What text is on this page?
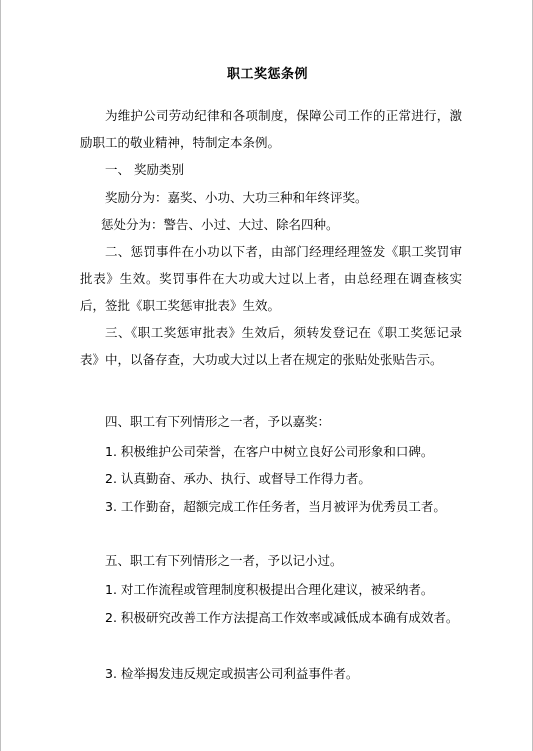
职工奖惩条例

为维护公司劳动纪律和各项制度，保障公司工作的正常进行，激励职工的敬业精神，特制定本条例。

一、 奖励类别

奖励分为：嘉奖、小功、大功三种和年终评奖。

惩处分为：警告、小过、大过、除名四种。

二、惩罚事件在小功以下者，由部门经理经理签发《职工奖罚审批表》生效。奖罚事件在大功或大过以上者，由总经理在调查核实后，签批《职工奖惩审批表》生效。

三、《职工奖惩审批表》生效后，须转发登记在《职工奖惩记录表》中，以备存查，大功或大过以上者在规定的张贴处张贴告示。

四、职工有下列情形之一者，予以嘉奖：

1. 积极维护公司荣誉，在客户中树立良好公司形象和口碑。

2. 认真勤奋、承办、执行、或督导工作得力者。

3. 工作勤奋，超额完成工作任务者，当月被评为优秀员工者。

五、职工有下列情形之一者，予以记小过。

1. 对工作流程或管理制度积极提出合理化建议，被采纳者。

2. 积极研究改善工作方法提高工作效率或减低成本确有成效者。

3. 检举揭发违反规定或损害公司利益事件者。
